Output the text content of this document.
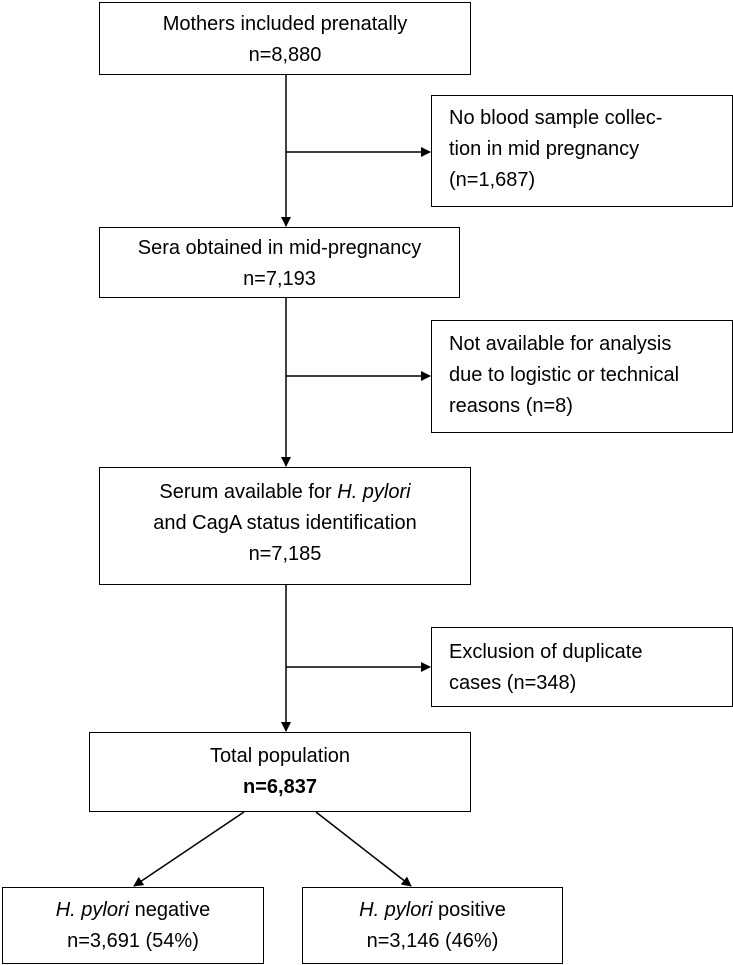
Mothers included prenatally
n=8,880
No blood sample collec-
tion in mid pregnancy
(n=1,687)
Sera obtained in mid-pregnancy
n=7,193
Not available for analysis
due to logistic or technical
reasons (n=8)
Serum available for H. pylori
and CagA status identification
n=7,185
Exclusion of duplicate
cases (n=348)
Total population
n=6,837
H. pylori negative
n=3,691 (54%)
H. pylori positive
n=3,146 (46%)
